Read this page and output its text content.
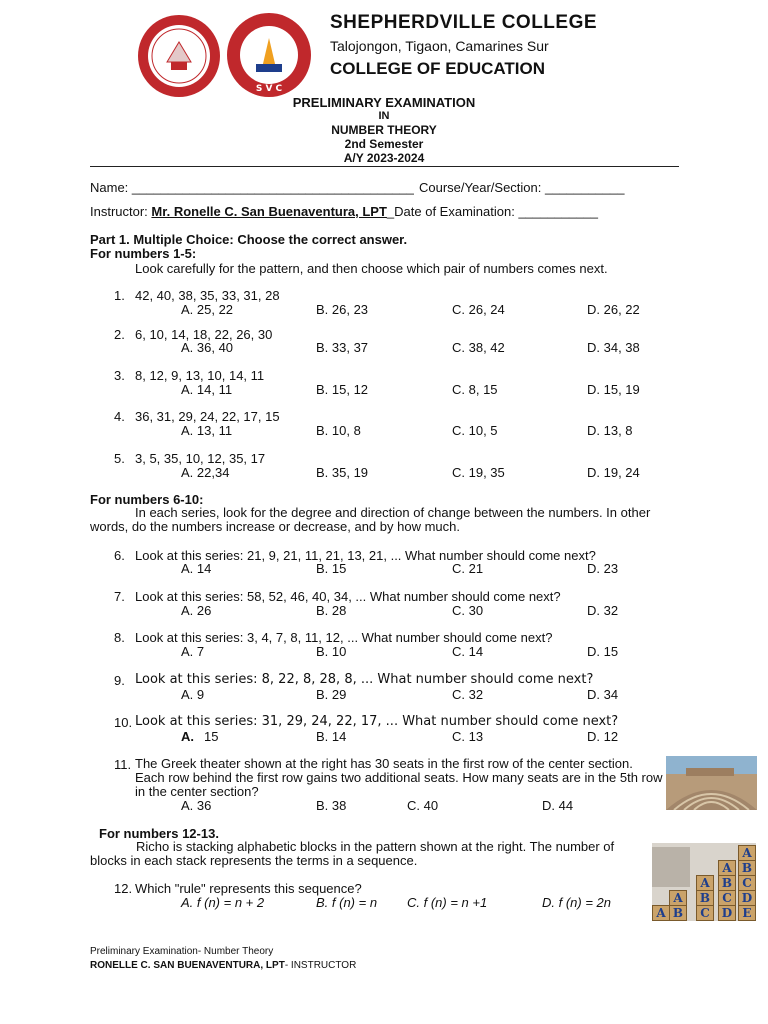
S V C
SHEPHERDVILLE COLLEGE
Talojongon, Tigaon, Camarines Sur
COLLEGE OF EDUCATION
PRELIMINARY EXAMINATION
IN
NUMBER THEORY
2nd Semester
A/Y 2023-2024
Name: _______________________________________ Course/Year/Section: ___________
Instructor: Mr. Ronelle C. San Buenaventura, LPT_Date of Examination: ___________
Part 1. Multiple Choice: Choose the correct answer.
For numbers 1-5:
Look carefully for the pattern, and then choose which pair of numbers comes next.
1. 42, 40, 38, 35, 33, 31, 28
A. 25, 22	B. 26, 23	C. 26, 24	D. 26, 22
2. 6, 10, 14, 18, 22, 26, 30
A. 36, 40	B. 33, 37	C. 38, 42	D. 34, 38
3. 8, 12, 9, 13, 10, 14, 11
A. 14, 11	B. 15, 12	C. 8, 15	D. 15, 19
4. 36, 31, 29, 24, 22, 17, 15
A. 13, 11	B. 10, 8	C. 10, 5	D. 13, 8
5. 3, 5, 35, 10, 12, 35, 17
A. 22,34	B. 35, 19	C. 19, 35	D. 19, 24
For numbers 6-10:
In each series, look for the degree and direction of change between the numbers. In other words, do the numbers increase or decrease, and by how much.
6. Look at this series: 21, 9, 21, 11, 21, 13, 21, ... What number should come next?
A. 14	B. 15	C. 21	D. 23
7. Look at this series: 58, 52, 46, 40, 34, ... What number should come next?
A. 26	B. 28	C. 30	D. 32
8. Look at this series: 3, 4, 7, 8, 11, 12, ... What number should come next?
A. 7	B. 10	C. 14	D. 15
9. Look at this series: 8, 22, 8, 28, 8, ... What number should come next?
A. 9	B. 29	C. 32	D. 34
10. Look at this series: 31, 29, 24, 22, 17, ... What number should come next?
A. 15	B. 14	C. 13	D. 12
11. The Greek theater shown at the right has 30 seats in the first row of the center section. Each row behind the first row gains two additional seats. How many seats are in the 5th row in the center section?
A. 36	B. 38	C. 40	D. 44
For numbers 12-13.
Richo is stacking alphabetic blocks in the pattern shown at the right. The number of blocks in each stack represents the terms in a sequence.
12. Which "rule" represents this sequence?
A. f (n) = n + 2	B. f (n) = n C. f (n) = n +1	D. f (n) = 2n
A B	C	D E
A	B	C D
A	B C
A B
A
Preliminary Examination- Number Theory
RONELLE C. SAN BUENAVENTURA, LPT- INSTRUCTOR
